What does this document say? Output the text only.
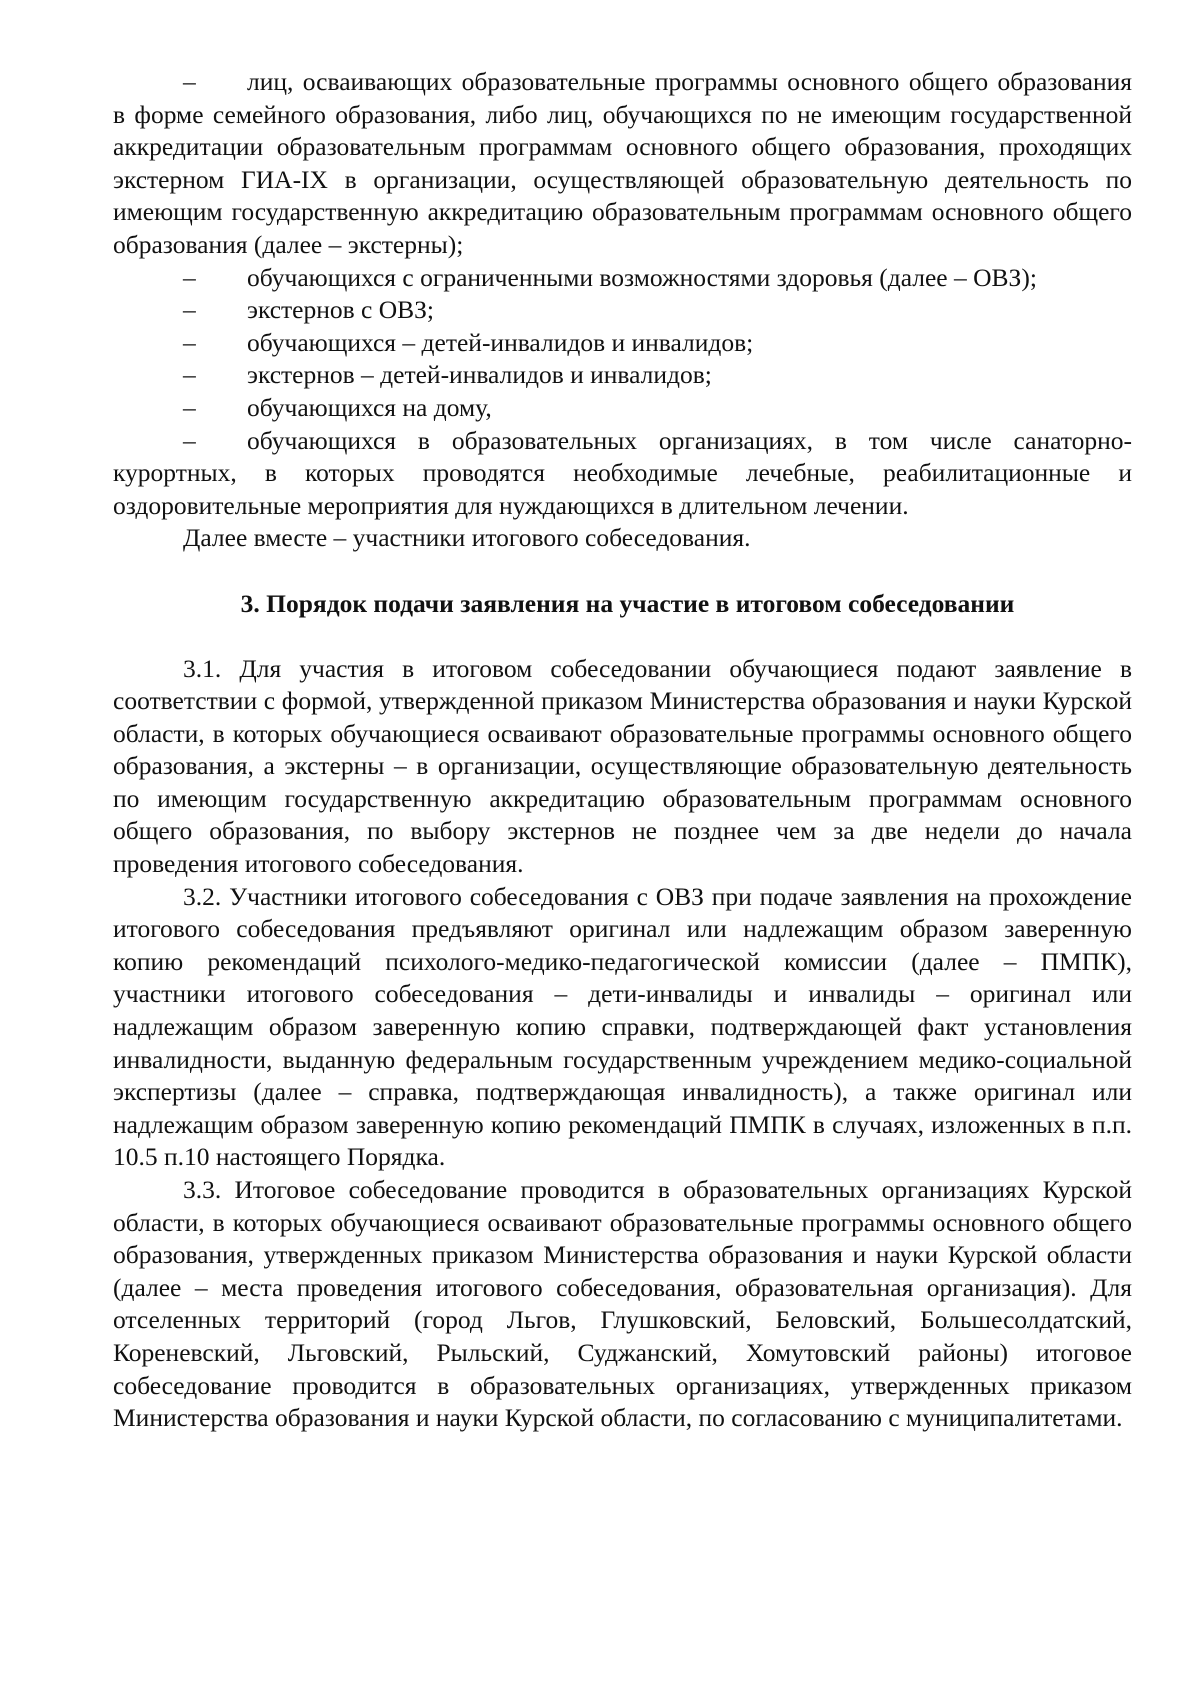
– лиц, осваивающих образовательные программы основного общего образования в форме семейного образования, либо лиц, обучающихся по не имеющим государственной аккредитации образовательным программам основного общего образования, проходящих экстерном ГИА-IX в организации, осуществляющей образовательную деятельность по имеющим государственную аккредитацию образовательным программам основного общего образования (далее – экстерны);

– обучающихся с ограниченными возможностями здоровья (далее – ОВЗ);

– экстернов с ОВЗ;

– обучающихся – детей-инвалидов и инвалидов;

– экстернов – детей-инвалидов и инвалидов;

– обучающихся на дому,

– обучающихся в образовательных организациях, в том числе санаторно-курортных, в которых проводятся необходимые лечебные, реабилитационные и оздоровительные мероприятия для нуждающихся в длительном лечении.

Далее вместе – участники итогового собеседования.

3. Порядок подачи заявления на участие в итоговом собеседовании

3.1. Для участия в итоговом собеседовании обучающиеся подают заявление в соответствии с формой, утвержденной приказом Министерства образования и науки Курской области, в которых обучающиеся осваивают образовательные программы основного общего образования, а экстерны – в организации, осуществляющие образовательную деятельность по имеющим государственную аккредитацию образовательным программам основного общего образования, по выбору экстернов не позднее чем за две недели до начала проведения итогового собеседования.

3.2. Участники итогового собеседования с ОВЗ при подаче заявления на прохождение итогового собеседования предъявляют оригинал или надлежащим образом заверенную копию рекомендаций психолого-медико-педагогической комиссии (далее – ПМПК), участники итогового собеседования – дети-инвалиды и инвалиды – оригинал или надлежащим образом заверенную копию справки, подтверждающей факт установления инвалидности, выданную федеральным государственным учреждением медико-социальной экспертизы (далее – справка, подтверждающая инвалидность), а также оригинал или надлежащим образом заверенную копию рекомендаций ПМПК в случаях, изложенных в п.п. 10.5 п.10 настоящего Порядка.

3.3. Итоговое собеседование проводится в образовательных организациях Курской области, в которых обучающиеся осваивают образовательные программы основного общего образования, утвержденных приказом Министерства образования и науки Курской области (далее – места проведения итогового собеседования, образовательная организация). Для отселенных территорий (город Льгов, Глушковский, Беловский, Большесолдатский, Кореневский, Льговский, Рыльский, Суджанский, Хомутовский районы) итоговое собеседование проводится в образовательных организациях, утвержденных приказом Министерства образования и науки Курской области, по согласованию с муниципалитетами.
